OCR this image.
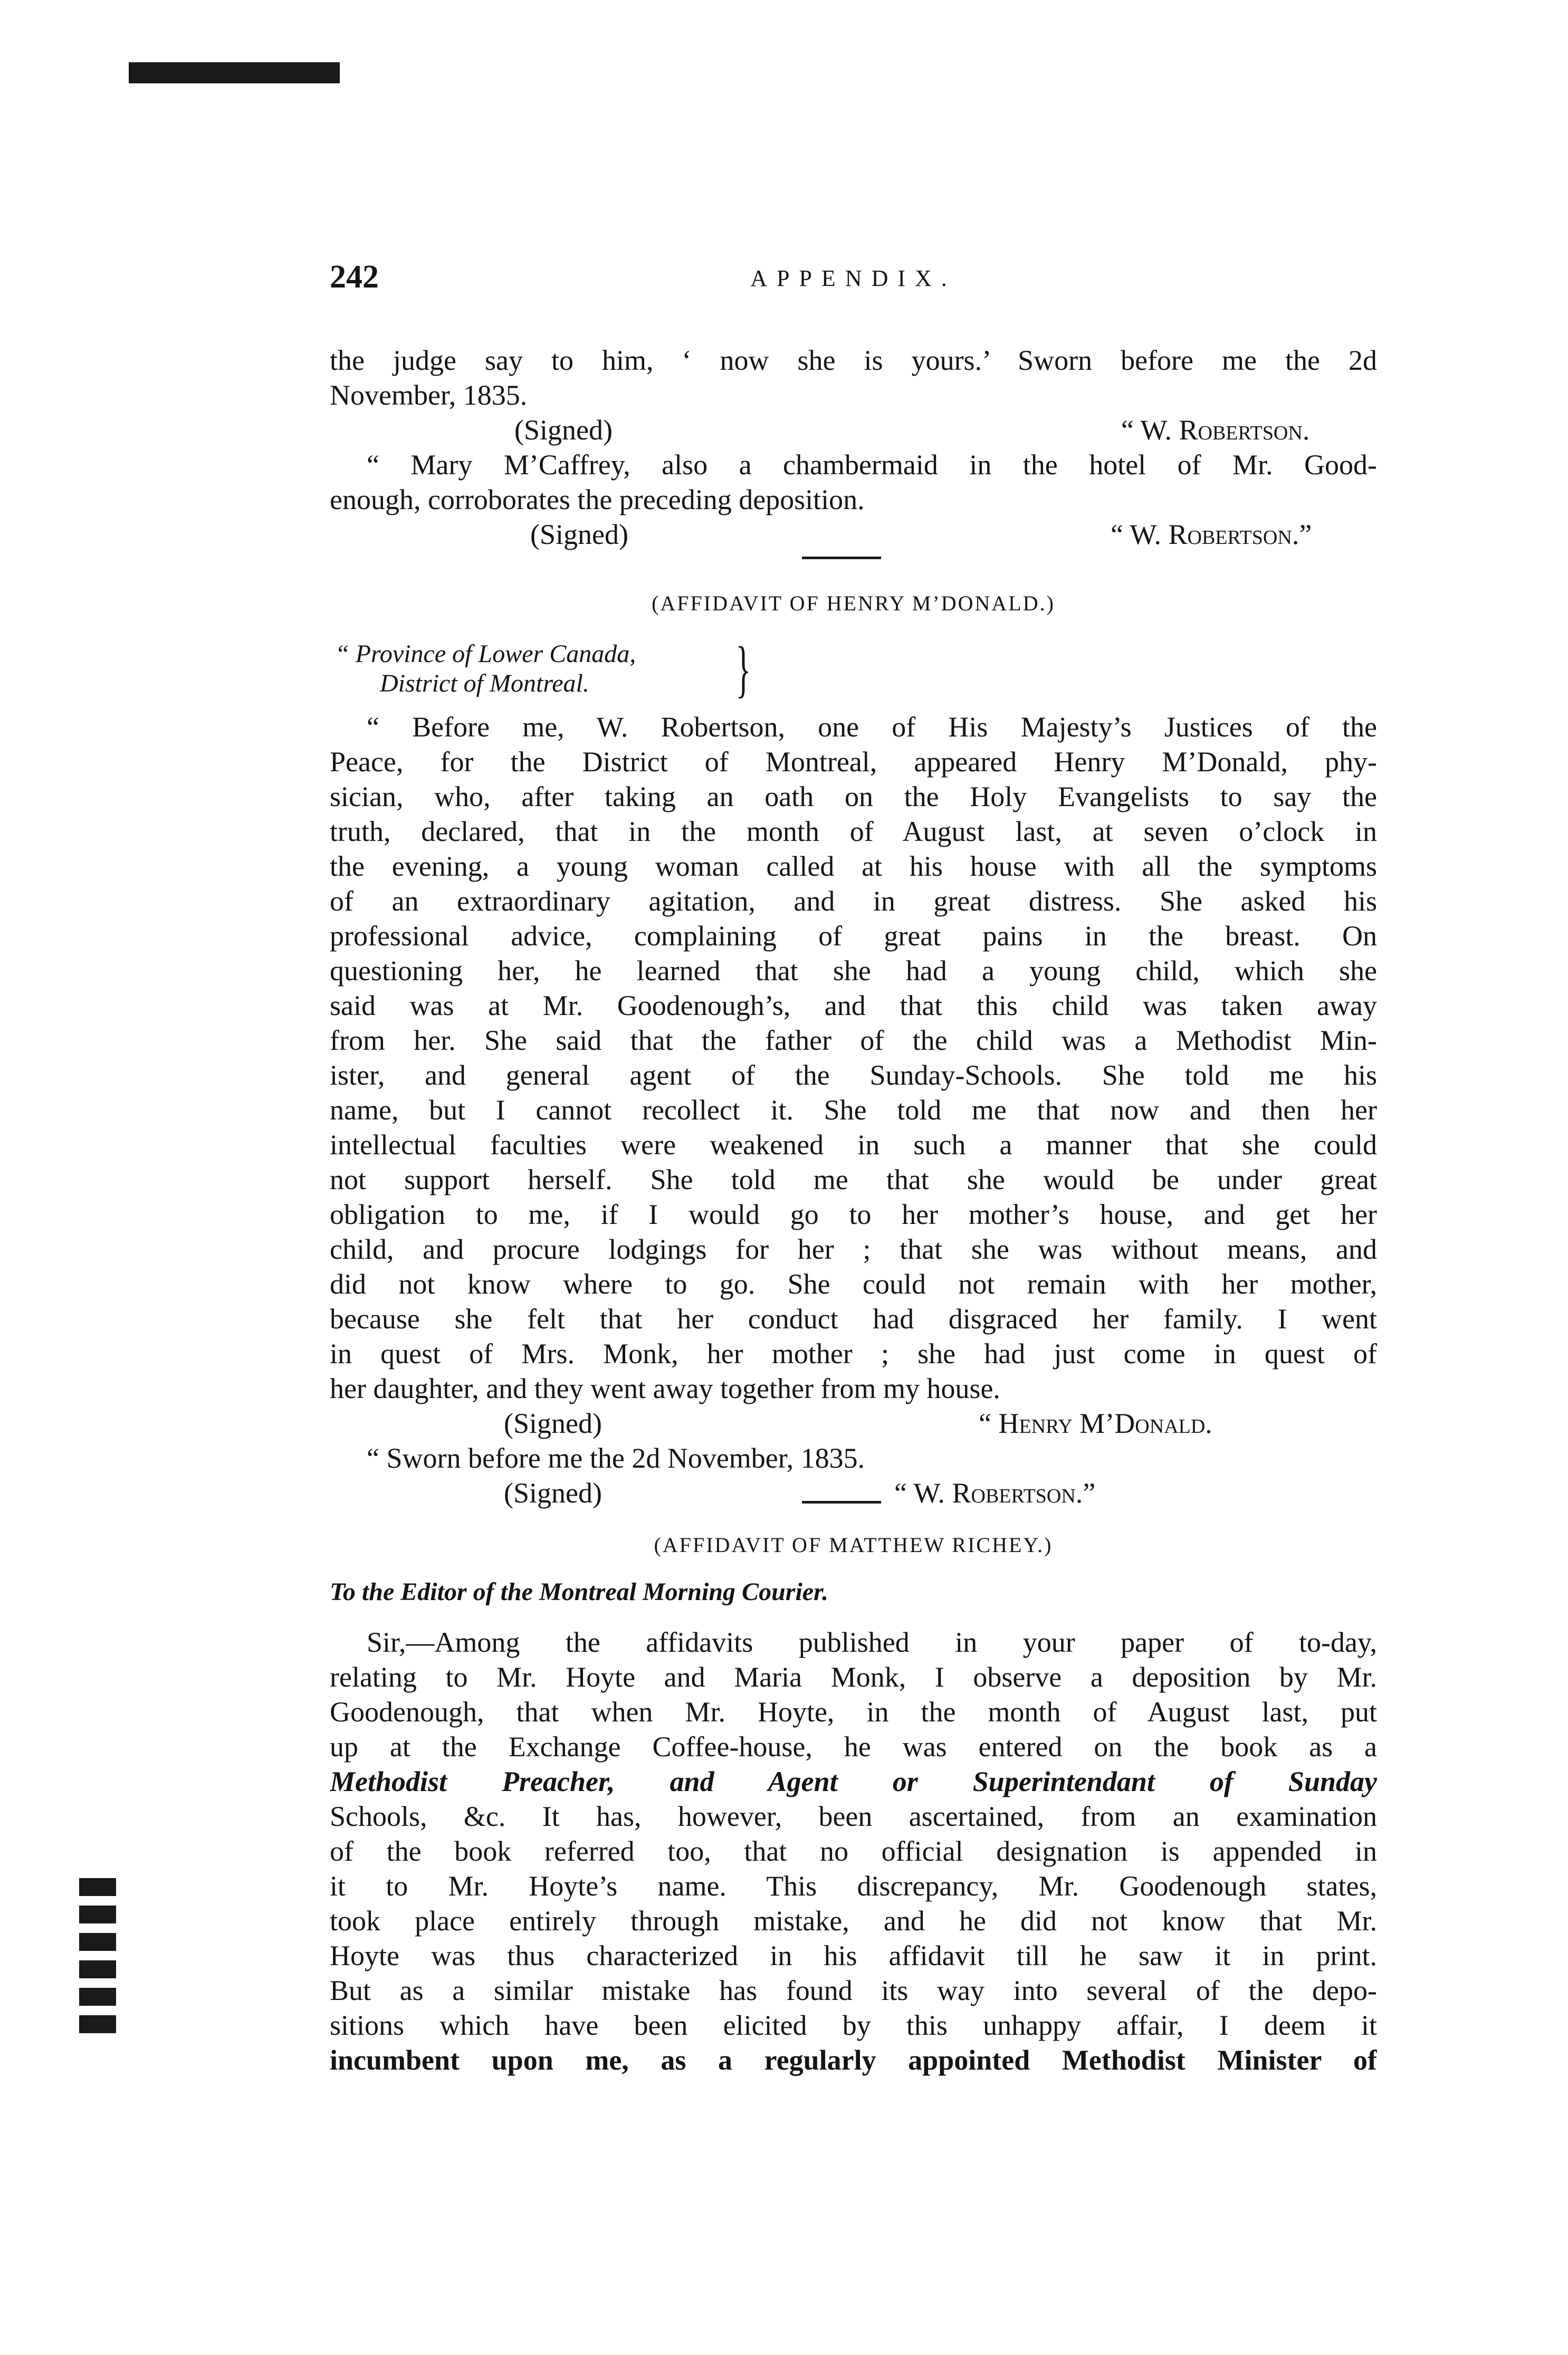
242	APPENDIX.
the judge say to him, ‘ now she is yours.’ Sworn before me the 2d
November, 1835.
(Signed)	“ W. Robertson.
“ Mary M’Caffrey, also a chambermaid in the hotel of Mr. Good-
enough, corroborates the preceding deposition.
(Signed)	“ W. Robertson.”
(AFFIDAVIT OF HENRY M’DONALD.)
“ Province of Lower Canada,
District of Montreal. }
“ Before me, W. Robertson, one of His Majesty’s Justices of the
Peace, for the District of Montreal, appeared Henry M’Donald, phy-
sician, who, after taking an oath on the Holy Evangelists to say the
truth, declared, that in the month of August last, at seven o’clock in
the evening, a young woman called at his house with all the symptoms
of an extraordinary agitation, and in great distress. She asked his
professional advice, complaining of great pains in the breast. On
questioning her, he learned that she had a young child, which she
said was at Mr. Goodenough’s, and that this child was taken away
from her. She said that the father of the child was a Methodist Min-
ister, and general agent of the Sunday-Schools. She told me his
name, but I cannot recollect it. She told me that now and then her
intellectual faculties were weakened in such a manner that she could
not support herself. She told me that she would be under great
obligation to me, if I would go to her mother’s house, and get her
child, and procure lodgings for her ; that she was without means, and
did not know where to go. She could not remain with her mother,
because she felt that her conduct had disgraced her family. I went
in quest of Mrs. Monk, her mother ; she had just come in quest of
her daughter, and they went away together from my house.
(Signed)	“ Henry M’Donald.
“ Sworn before me the 2d November, 1835.
(Signed)	“ W. Robertson.”
(AFFIDAVIT OF MATTHEW RICHEY.)
To the Editor of the Montreal Morning Courier.
Sir,—Among the affidavits published in your paper of to-day,
relating to Mr. Hoyte and Maria Monk, I observe a deposition by Mr.
Goodenough, that when Mr. Hoyte, in the month of August last, put
up at the Exchange Coffee-house, he was entered on the book as a
Methodist Preacher, and Agent or Superintendant of Sunday
Schools, &c. It has, however, been ascertained, from an examination
of the book referred too, that no official designation is appended in
it to Mr. Hoyte’s name. This discrepancy, Mr. Goodenough states,
took place entirely through mistake, and he did not know that Mr.
Hoyte was thus characterized in his affidavit till he saw it in print.
But as a similar mistake has found its way into several of the depo-
sitions which have been elicited by this unhappy affair, I deem it
incumbent upon me, as a regularly appointed Methodist Minister of
